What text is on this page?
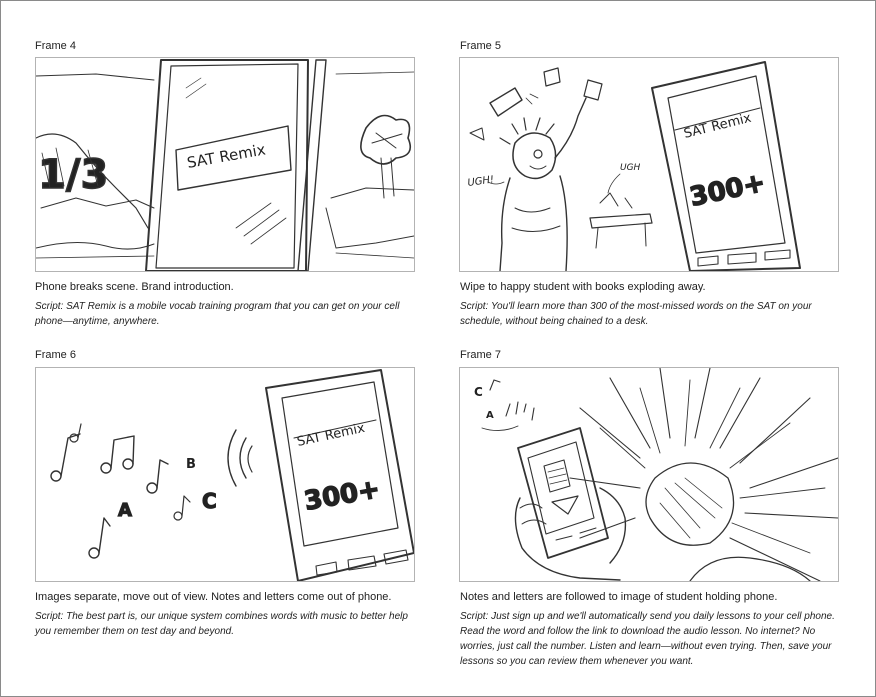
Frame 4
1/3	SAT Remix
Phone breaks scene. Brand introduction.
Script: SAT Remix is a mobile vocab training program that you can get on your cell
phone—anytime, anywhere.
Frame 5
UGH!
UGH
SAT Remix
300+
Wipe to happy student with books exploding away.
Script: You'll learn more than 300 of the most-missed words on the SAT on your
schedule, without being chained to a desk.
Frame 6
A
B
C
SAT Remix
300+
Images separate, move out of view. Notes and letters come out of phone.
Script: The best part is, our unique system combines words with music to better help
you remember them on test day and beyond.
Frame 7
C
A
Notes and letters are followed to image of student holding phone.
Script: Just sign up and we'll automatically send you daily lessons to your cell phone.
Read the word and follow the link to download the audio lesson. No internet? No
worries, just call the number. Listen and learn—without even trying. Then, save your
lessons so you can review them whenever you want.
